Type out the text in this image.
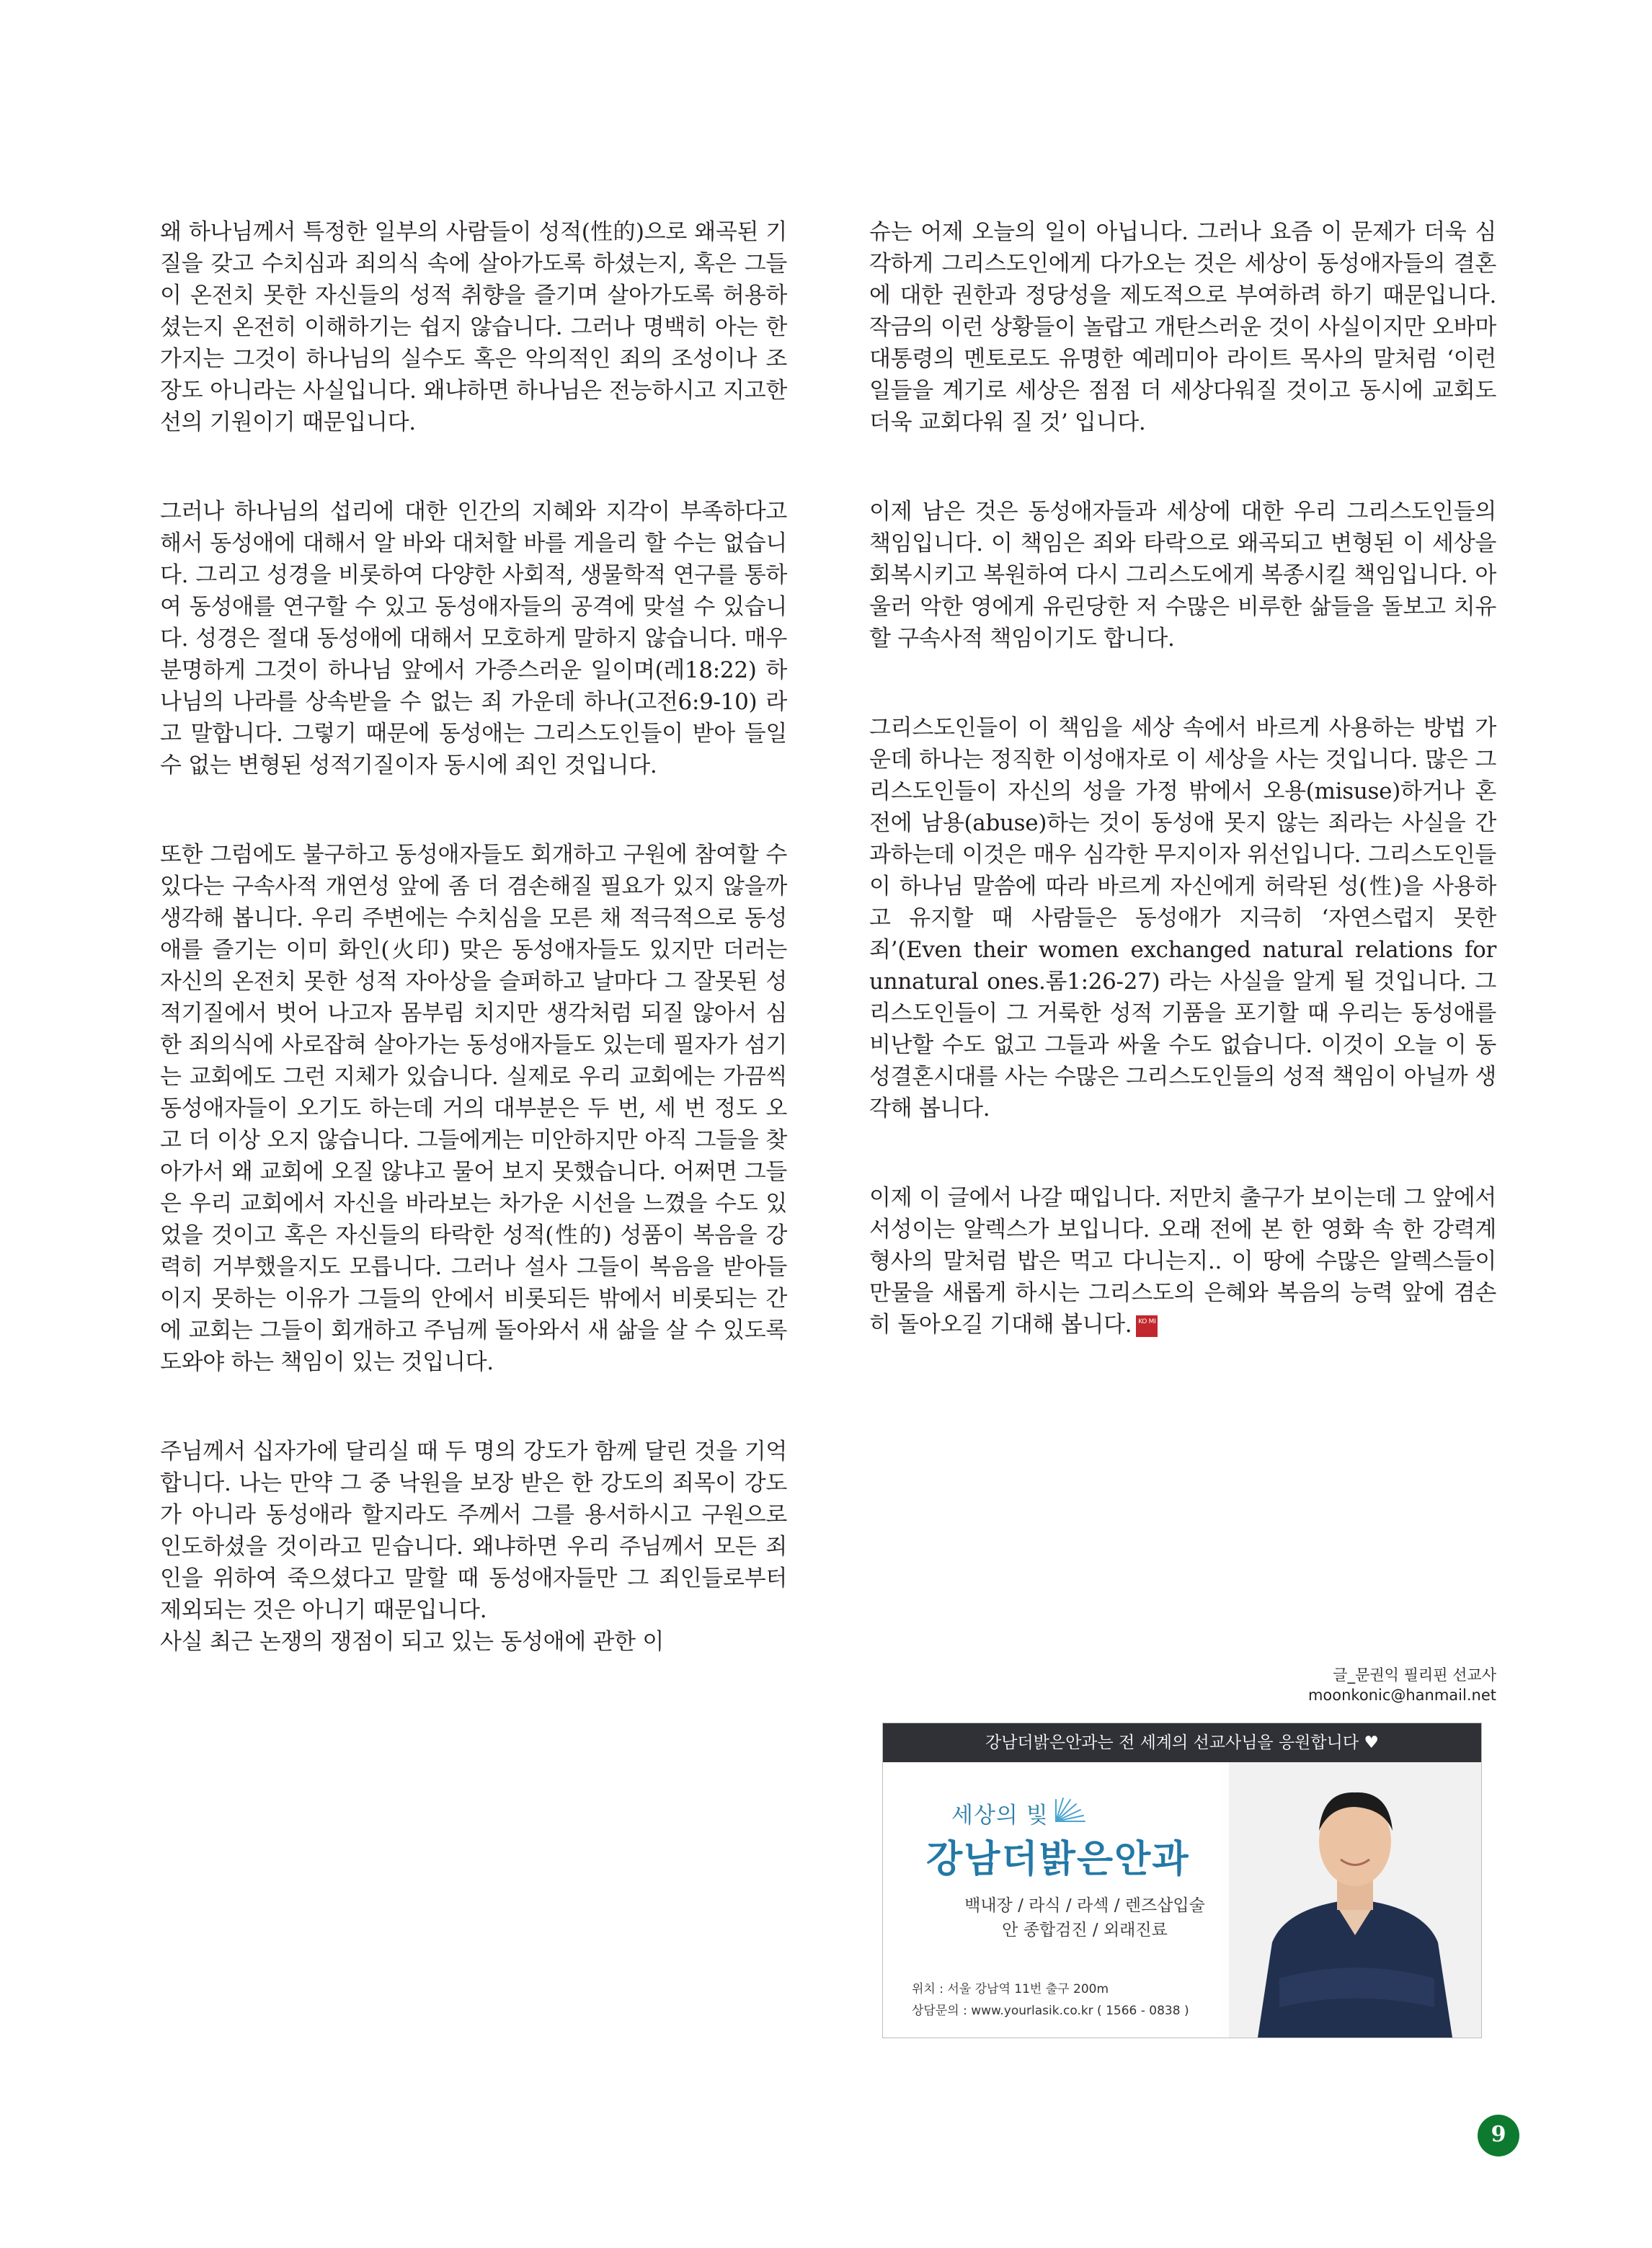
왜 하나님께서 특정한 일부의 사람들이 성적(性的)으로 왜곡된 기질을 갖고 수치심과 죄의식 속에 살아가도록 하셨는지, 혹은 그들이 온전치 못한 자신들의 성적 취향을 즐기며 살아가도록 허용하셨는지 온전히 이해하기는 쉽지 않습니다. 그러나 명백히 아는 한가지는 그것이 하나님의 실수도 혹은 악의적인 죄의 조성이나 조장도 아니라는 사실입니다. 왜냐하면 하나님은 전능하시고 지고한 선의 기원이기 때문입니다.

그러나 하나님의 섭리에 대한 인간의 지혜와 지각이 부족하다고 해서 동성애에 대해서 알 바와 대처할 바를 게을리 할 수는 없습니다. 그리고 성경을 비롯하여 다양한 사회적, 생물학적 연구를 통하여 동성애를 연구할 수 있고 동성애자들의 공격에 맞설 수 있습니다. 성경은 절대 동성애에 대해서 모호하게 말하지 않습니다. 매우 분명하게 그것이 하나님 앞에서 가증스러운 일이며(레18:22) 하나님의 나라를 상속받을 수 없는 죄 가운데 하나(고전6:9-10) 라고 말합니다. 그렇기 때문에 동성애는 그리스도인들이 받아 들일 수 없는 변형된 성적기질이자 동시에 죄인 것입니다.

또한 그럼에도 불구하고 동성애자들도 회개하고 구원에 참여할 수 있다는 구속사적 개연성 앞에 좀 더 겸손해질 필요가 있지 않을까 생각해 봅니다. 우리 주변에는 수치심을 모른 채 적극적으로 동성애를 즐기는 이미 화인(火印) 맞은 동성애자들도 있지만 더러는 자신의 온전치 못한 성적 자아상을 슬퍼하고 날마다 그 잘못된 성적기질에서 벗어 나고자 몸부림 치지만 생각처럼 되질 않아서 심한 죄의식에 사로잡혀 살아가는 동성애자들도 있는데 필자가 섬기는 교회에도 그런 지체가 있습니다. 실제로 우리 교회에는 가끔씩 동성애자들이 오기도 하는데 거의 대부분은 두 번, 세 번 정도 오고 더 이상 오지 않습니다. 그들에게는 미안하지만 아직 그들을 찾아가서 왜 교회에 오질 않냐고 물어 보지 못했습니다. 어쩌면 그들은 우리 교회에서 자신을 바라보는 차가운 시선을 느꼈을 수도 있었을 것이고 혹은 자신들의 타락한 성적(性的) 성품이 복음을 강력히 거부했을지도 모릅니다. 그러나 설사 그들이 복음을 받아들이지 못하는 이유가 그들의 안에서 비롯되든 밖에서 비롯되는 간에 교회는 그들이 회개하고 주님께 돌아와서 새 삶을 살 수 있도록 도와야 하는 책임이 있는 것입니다.

주님께서 십자가에 달리실 때 두 명의 강도가 함께 달린 것을 기억합니다. 나는 만약 그 중 낙원을 보장 받은 한 강도의 죄목이 강도가 아니라 동성애라 할지라도 주께서 그를 용서하시고 구원으로 인도하셨을 것이라고 믿습니다. 왜냐하면 우리 주님께서 모든 죄인을 위하여 죽으셨다고 말할 때 동성애자들만 그 죄인들로부터 제외되는 것은 아니기 때문입니다.

사실 최근 논쟁의 쟁점이 되고 있는 동성애에 관한 이

슈는 어제 오늘의 일이 아닙니다. 그러나 요즘 이 문제가 더욱 심각하게 그리스도인에게 다가오는 것은 세상이 동성애자들의 결혼에 대한 권한과 정당성을 제도적으로 부여하려 하기 때문입니다. 작금의 이런 상황들이 놀랍고 개탄스러운 것이 사실이지만 오바마 대통령의 멘토로도 유명한 예레미아 라이트 목사의 말처럼 ‘이런 일들을 계기로 세상은 점점 더 세상다워질 것이고 동시에 교회도 더욱 교회다워 질 것’ 입니다.

이제 남은 것은 동성애자들과 세상에 대한 우리 그리스도인들의 책임입니다. 이 책임은 죄와 타락으로 왜곡되고 변형된 이 세상을 회복시키고 복원하여 다시 그리스도에게 복종시킬 책임입니다. 아울러 악한 영에게 유린당한 저 수많은 비루한 삶들을 돌보고 치유할 구속사적 책임이기도 합니다.

그리스도인들이 이 책임을 세상 속에서 바르게 사용하는 방법 가운데 하나는 정직한 이성애자로 이 세상을 사는 것입니다. 많은 그리스도인들이 자신의 성을 가정 밖에서 오용(misuse)하거나 혼전에 남용(abuse)하는 것이 동성애 못지 않는 죄라는 사실을 간과하는데 이것은 매우 심각한 무지이자 위선입니다. 그리스도인들이 하나님 말씀에 따라 바르게 자신에게 허락된 성(性)을 사용하고 유지할 때 사람들은 동성애가 지극히 ‘자연스럽지 못한 죄’(Even their women exchanged natural relations for unnatural ones.롬1:26-27) 라는 사실을 알게 될 것입니다. 그리스도인들이 그 거룩한 성적 기품을 포기할 때 우리는 동성애를 비난할 수도 없고 그들과 싸울 수도 없습니다. 이것이 오늘 이 동성결혼시대를 사는 수많은 그리스도인들의 성적 책임이 아닐까 생각해 봅니다.

이제 이 글에서 나갈 때입니다. 저만치 출구가 보이는데 그 앞에서 서성이는 알렉스가 보입니다. 오래 전에 본 한 영화 속 한 강력계 형사의 말처럼 밥은 먹고 다니는지.. 이 땅에 수많은 알렉스들이 만물을 새롭게 하시는 그리스도의 은혜와 복음의 능력 앞에 겸손히 돌아오길 기대해 봅니다. KO MI

글_문권익 필리핀 선교사
moonkonic@hanmail.net
강남더밝은안과는 전 세계의 선교사님을 응원합니다 ♥
세상의 빛
강남더밝은안과
백내장 / 라식 / 라섹 / 렌즈삽입술
안 종합검진 / 외래진료
위치 : 서울 강남역 11번 출구 200m
상담문의 : www.yourlasik.co.kr ( 1566 - 0838 )
9
